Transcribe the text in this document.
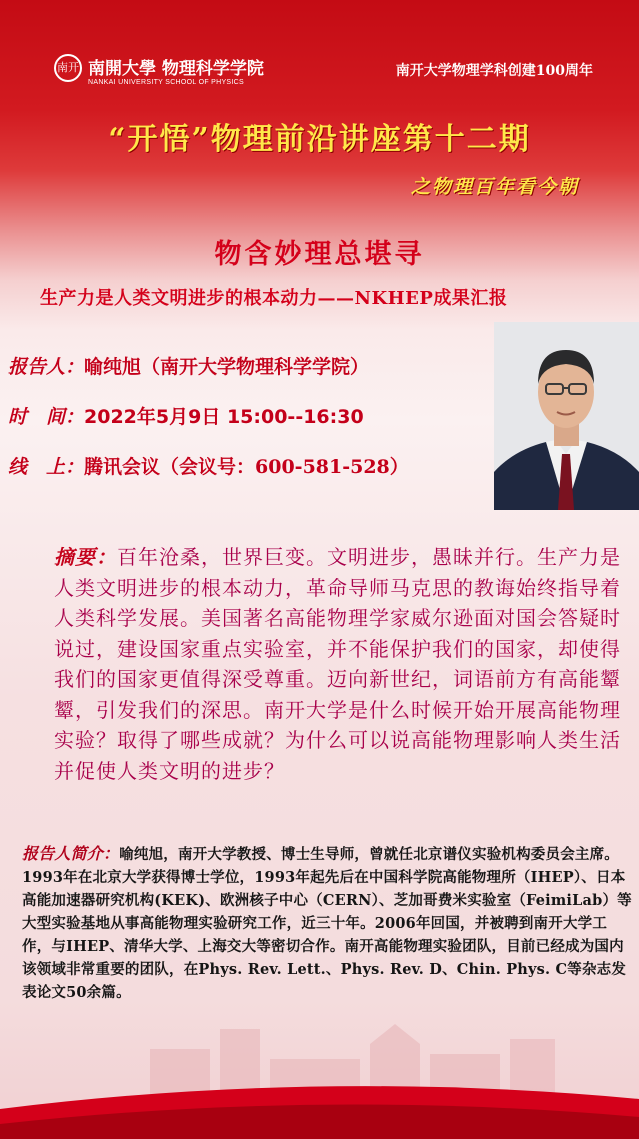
南开 南開大學 物理科学学院
NANKAI UNIVERSITY SCHOOL OF PHYSICS
南开大学物理学科创建100周年
“开悟”物理前沿讲座第十二期
之物理百年看今朝
物含妙理总堪寻
生产力是人类文明进步的根本动力——NKHEP成果汇报
报告人：喻纯旭（南开大学物理科学学院）
时　间：2022年5月9日 15:00--16:30
线　上：腾讯会议（会议号：600-581-528）
摘要：百年沧桑，世界巨变。文明进步，愚昧并行。生产力是人类文明进步的根本动力，革命导师马克思的教诲始终指导着人类科学发展。美国著名高能物理学家威尔逊面对国会答疑时说过，建设国家重点实验室，并不能保护我们的国家，却使得我们的国家更值得深受尊重。迈向新世纪，词语前方有高能颦颦，引发我们的深思。南开大学是什么时候开始开展高能物理实验？取得了哪些成就？为什么可以说高能物理影响人类生活并促使人类文明的进步？
报告人简介：喻纯旭，南开大学教授、博士生导师，曾就任北京谱仪实验机构委员会主席。1993年在北京大学获得博士学位，1993年起先后在中国科学院高能物理所（IHEP）、日本高能加速器研究机构(KEK)、欧洲核子中心（CERN）、芝加哥费米实验室（FeimiLab）等大型实验基地从事高能物理实验研究工作，近三十年。2006年回国，并被聘到南开大学工作，与IHEP、清华大学、上海交大等密切合作。南开高能物理实验团队，目前已经成为国内该领域非常重要的团队，在Phys. Rev. Lett.、Phys. Rev. D、Chin. Phys. C等杂志发表论文50余篇。
